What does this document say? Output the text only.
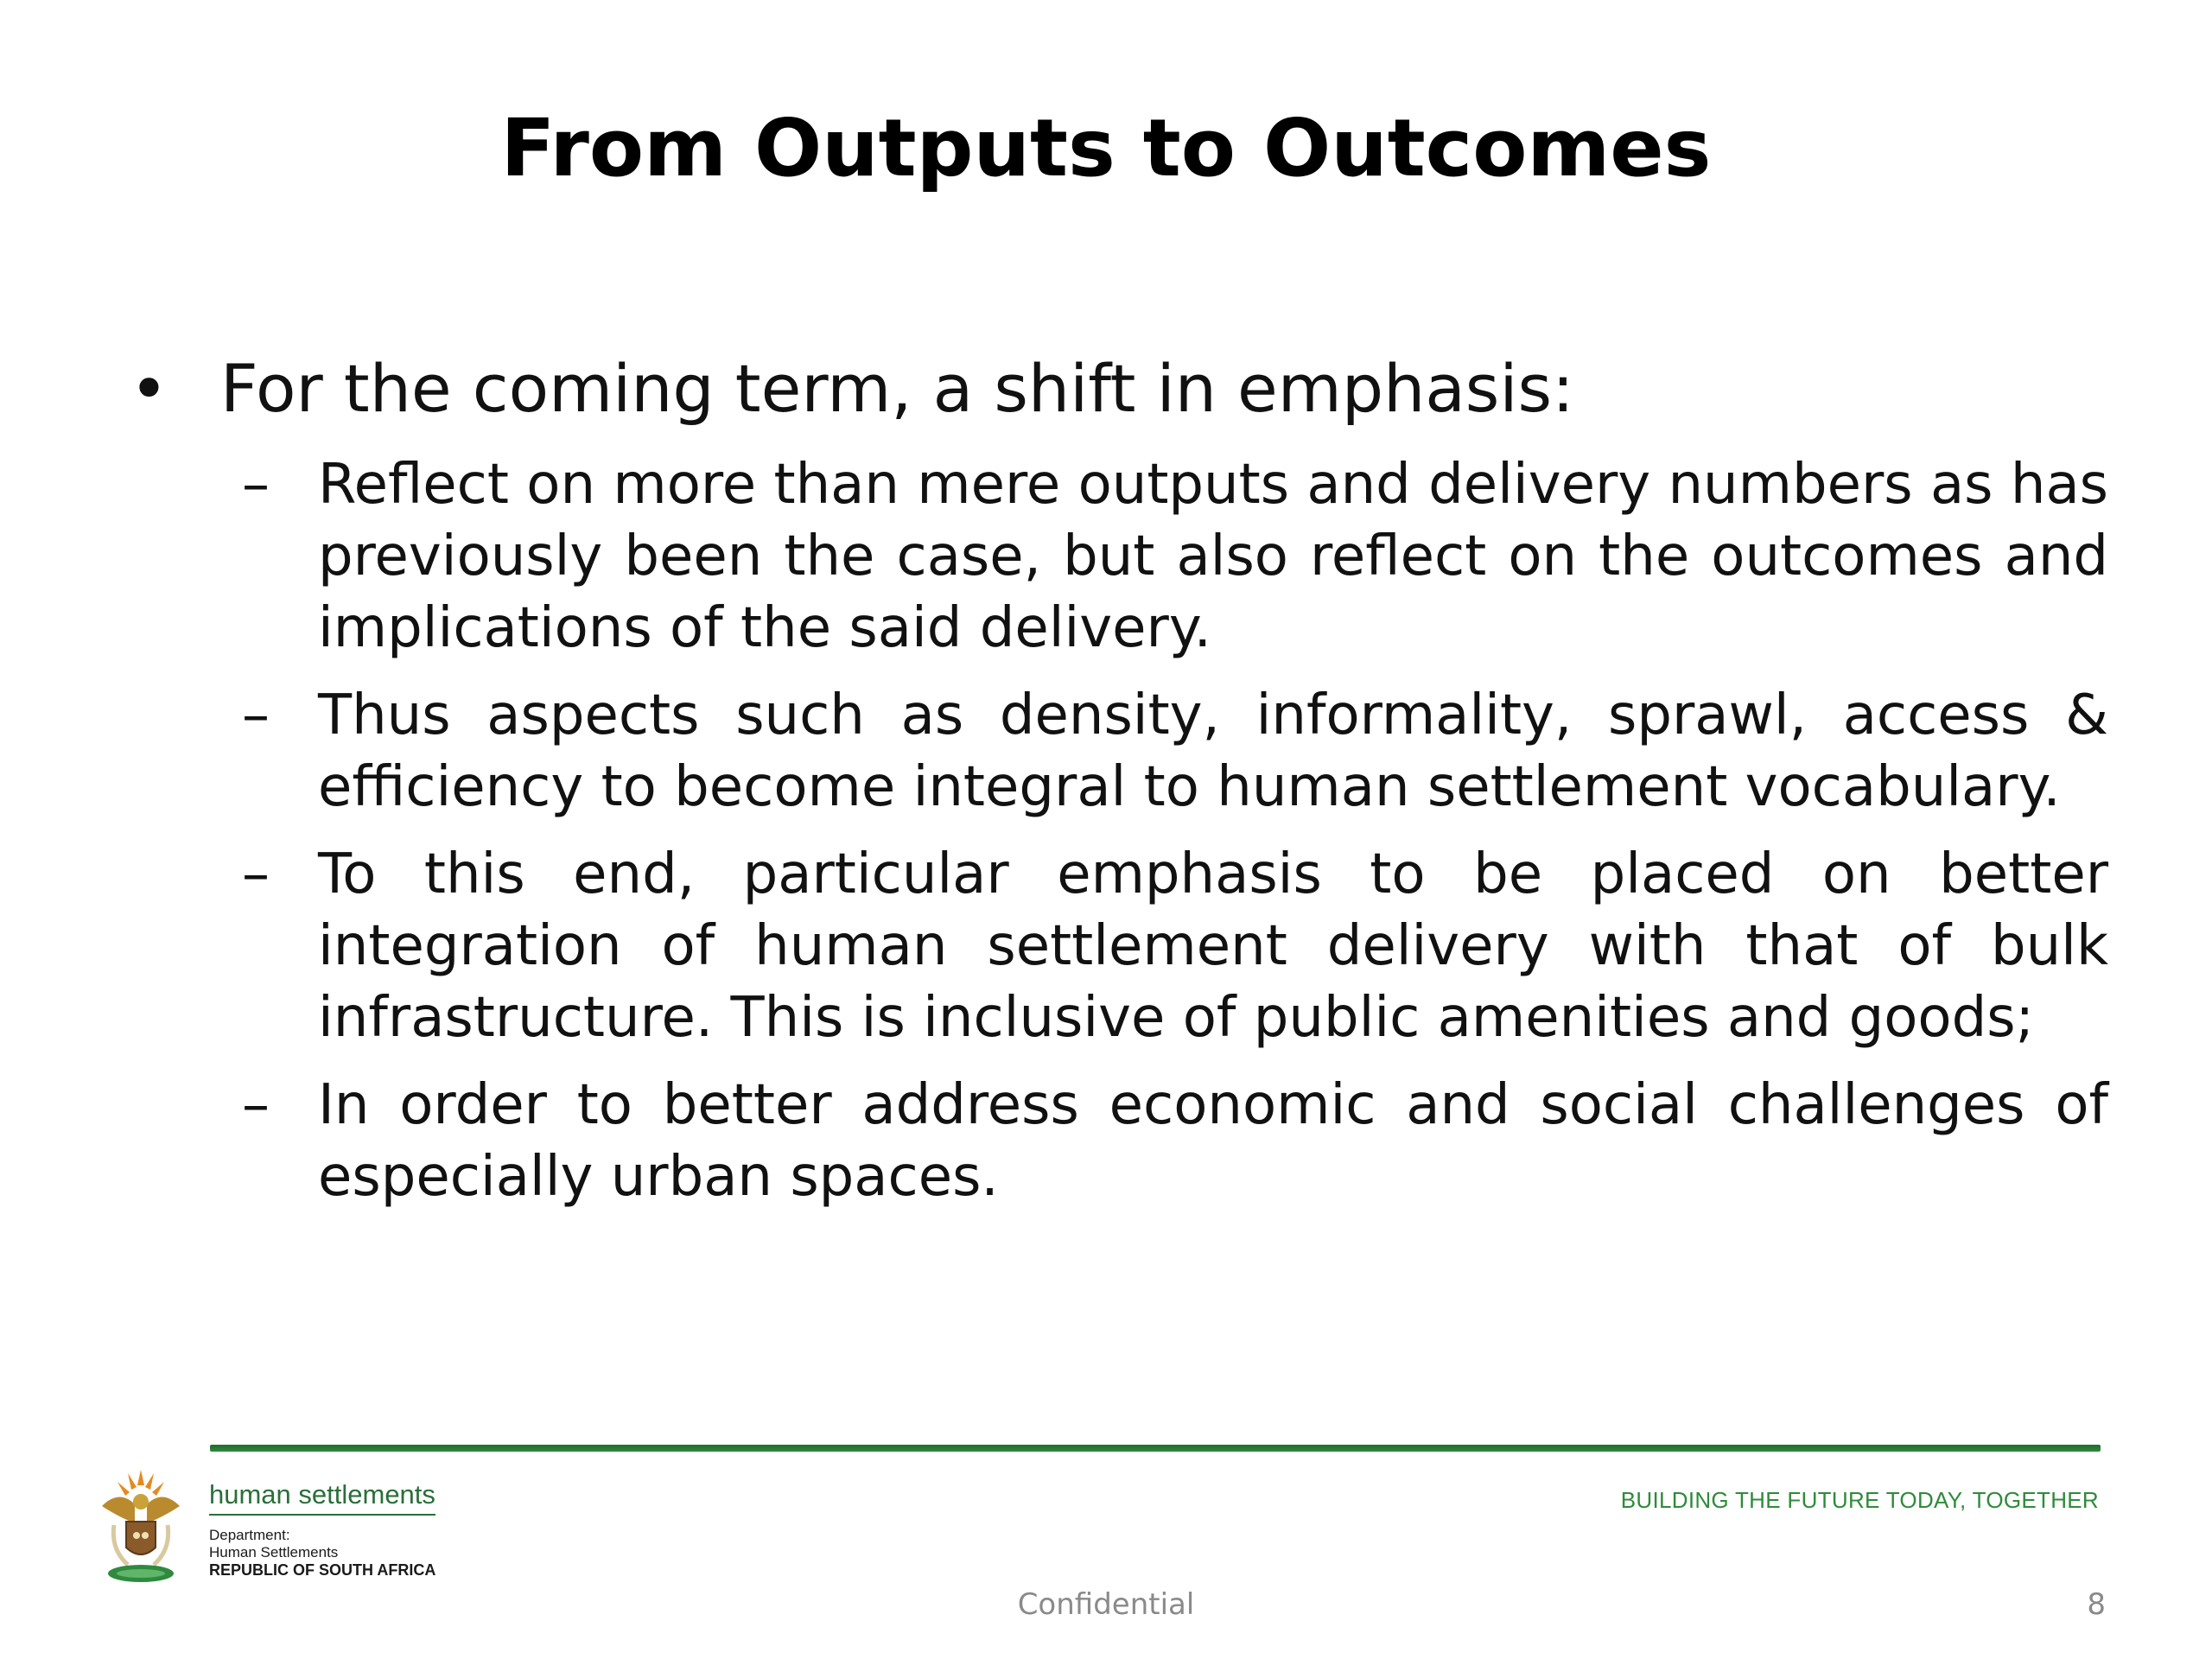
From Outputs to Outcomes
• For the coming term, a shift in emphasis:
– Reflect on more than mere outputs and delivery numbers as has previously been the case, but also reflect on the outcomes and implications of the said delivery.
– Thus aspects such as density, informality, sprawl, access & efficiency to become integral to human settlement vocabulary.
– To this end, particular emphasis to be placed on better integration of human settlement delivery with that of bulk infrastructure. This is inclusive of public amenities and goods;
– In order to better address economic and social challenges of especially urban spaces.
human settlements
Department:
Human Settlements
REPUBLIC OF SOUTH AFRICA
BUILDING THE FUTURE TODAY, TOGETHER
Confidential	8
